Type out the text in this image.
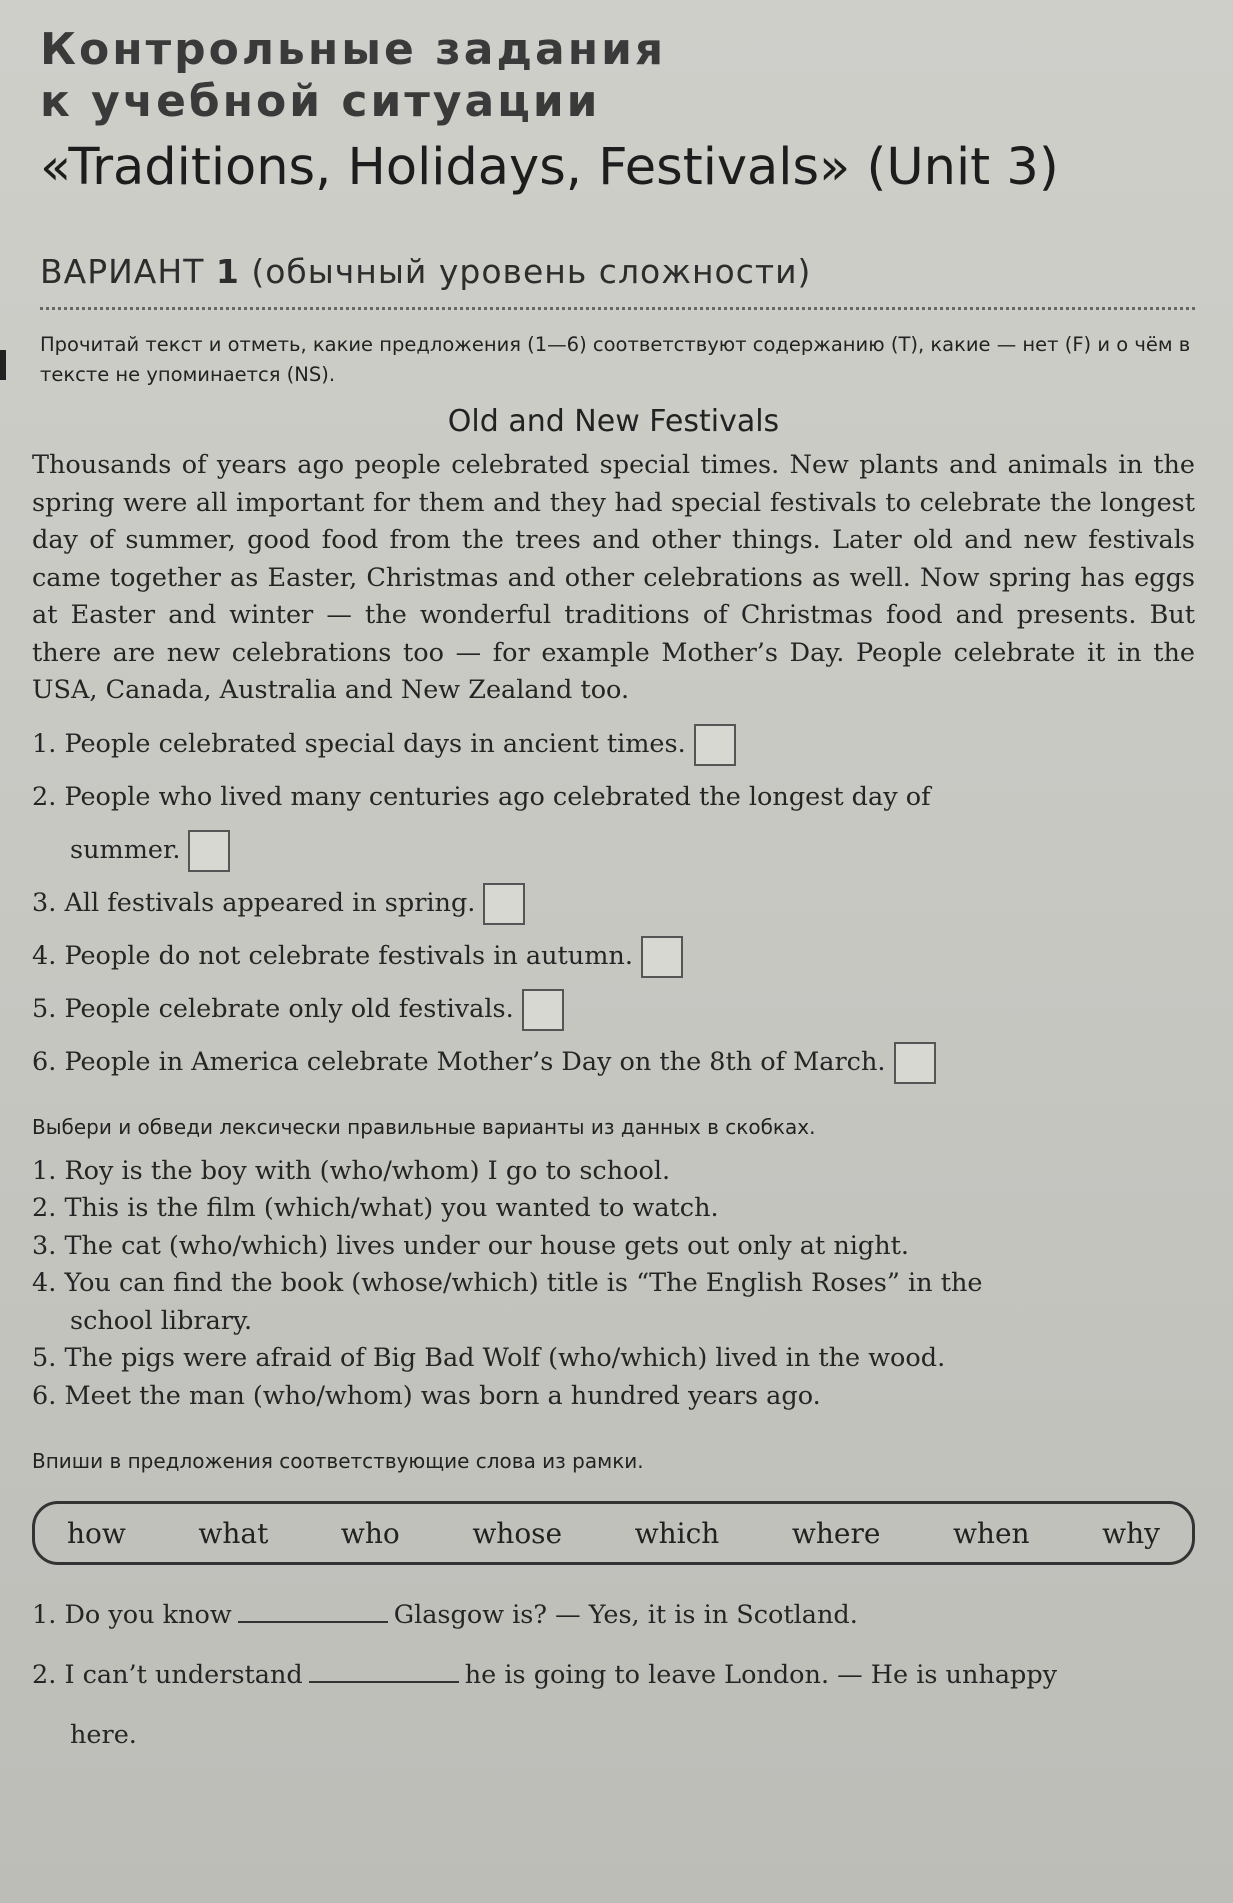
Контрольные задания
к учебной ситуации
«Traditions, Holidays, Festivals» (Unit 3)
ВАРИАНТ 1 (обычный уровень сложности)
Прочитай текст и отметь, какие предложения (1—6) соответствуют содержанию (T), какие — нет (F) и о чём в тексте не упоминается (NS).
Old and New Festivals
Thousands of years ago people celebrated special times. New plants and animals in the spring were all important for them and they had special festivals to celebrate the longest day of summer, good food from the trees and other things. Later old and new festivals came together as Easter, Christmas and other celebrations as well. Now spring has eggs at Easter and winter — the wonderful traditions of Christmas food and presents. But there are new celebrations too — for example Mother’s Day. People celebrate it in the USA, Canada, Australia and New Zealand too.
1. People celebrated special days in ancient times.
2. People who lived many centuries ago celebrated the longest day of
summer.
3. All festivals appeared in spring.
4. People do not celebrate festivals in autumn.
5. People celebrate only old festivals.
6. People in America celebrate Mother’s Day on the 8th of March.
Выбери и обведи лексически правильные варианты из данных в скобках.
1. Roy is the boy with (who/whom) I go to school.
2. This is the film (which/what) you wanted to watch.
3. The cat (who/which) lives under our house gets out only at night.
4. You can find the book (whose/which) title is “The English Roses” in the
school library.
5. The pigs were afraid of Big Bad Wolf (who/which) lived in the wood.
6. Meet the man (who/whom) was born a hundred years ago.
Впиши в предложения соответствующие слова из рамки.
how	what	who	whose	which	where	when	why
1. Do you know	Glasgow is? — Yes, it is in Scotland.
2. I can’t understand	he is going to leave London. — He is unhappy
here.
